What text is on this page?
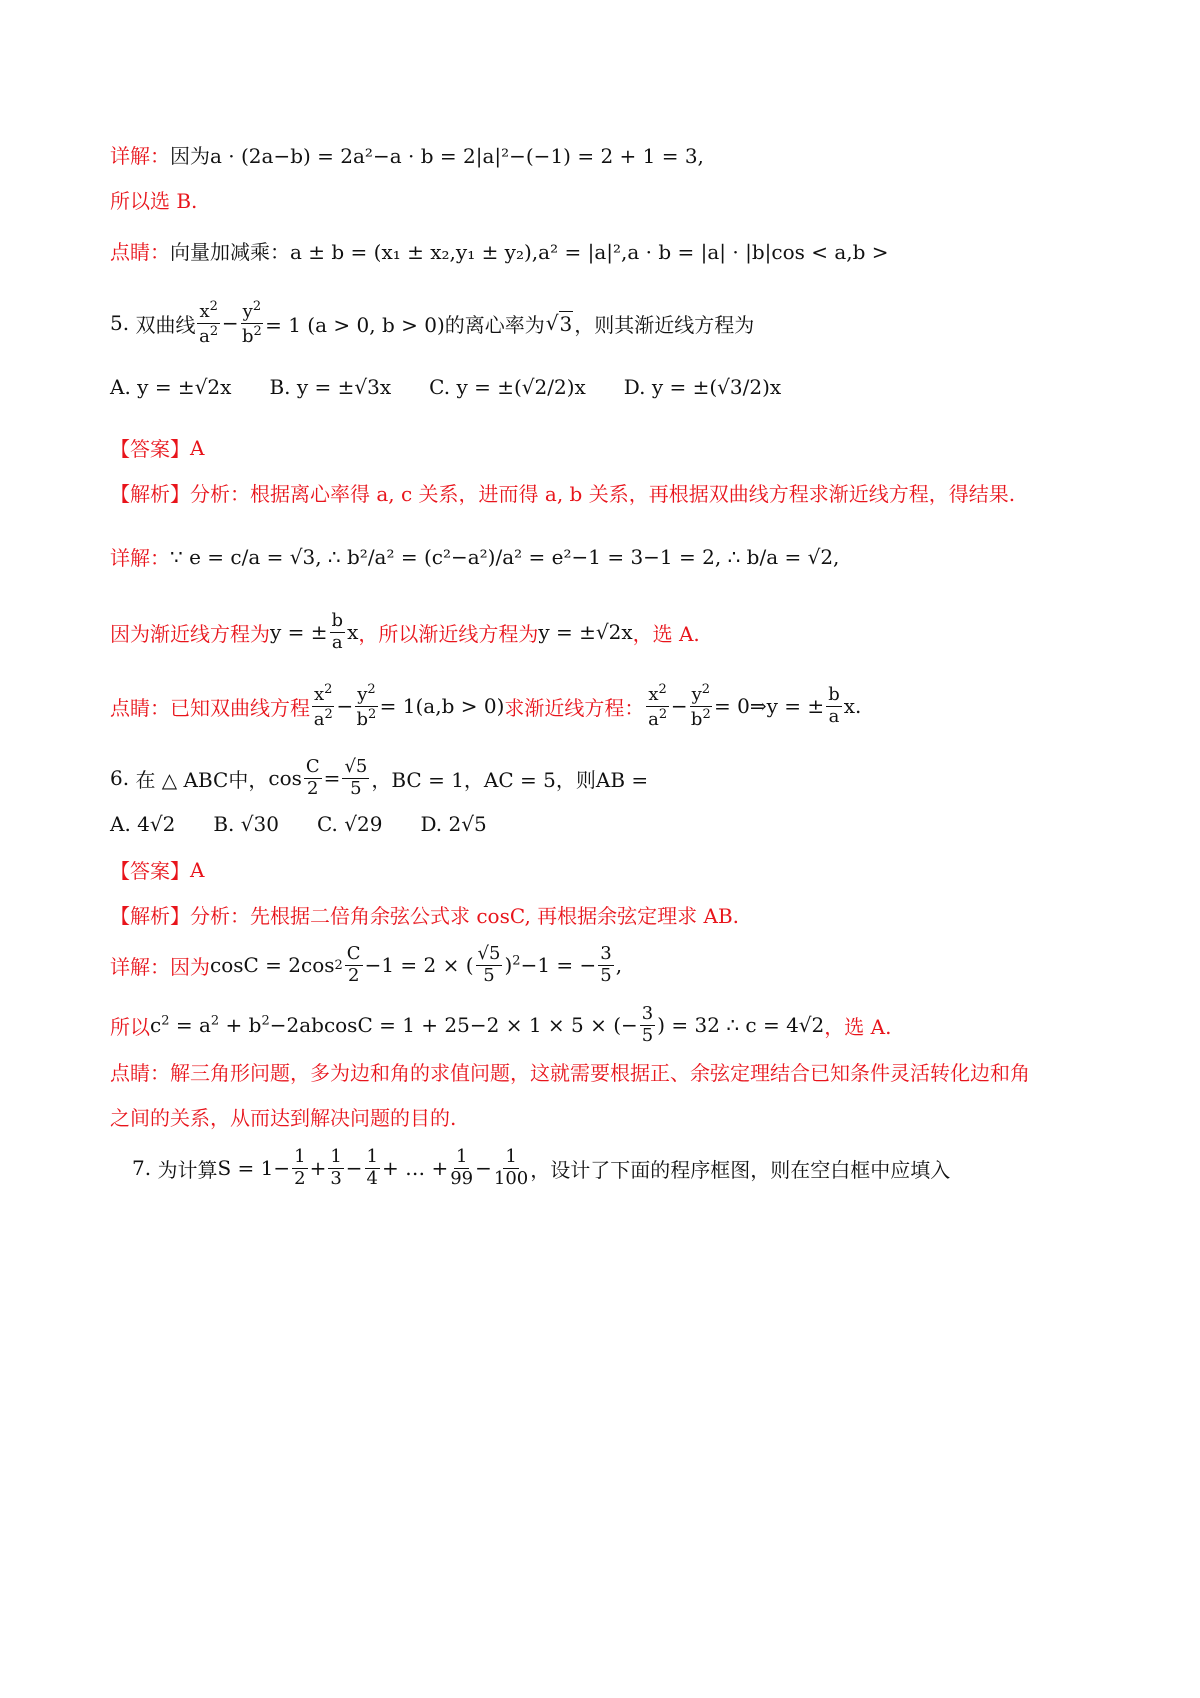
详解： 因为a · (2a−b) = 2a²−a · b = 2|a|²−(−1) = 2 + 1 = 3,
所以选 B.
点睛： 向量加减乘：a ± b = (x₁ ± x₂,y₁ ± y₂),a² = |a|²,a · b = |a| · |b|cos < a,b >
5.
双曲线 $\frac{x^2}{a^2} - \frac{y^2}{b^2} = 1$ (a > 0, b > 0)的离心率为 √ 3 ，则其渐近线方程为
A. y = ±√2x B. y = ±√3x C. y = ±(√2/2)x D. y = ±(√3/2)x
【答案】 A
【解析】 分析：根据离心率得 a, c 关系，进而得 a, b 关系，再根据双曲线方程求渐近线方程，得结果.
详解： ∵ e = c/a = √3, ∴ b²/a² = (c²−a²)/a² = e²−1 = 3−1 = 2, ∴ b/a = √2,
因为渐近线方程为 y = ± $\frac{b}{a}$ x ，所以渐近线方程为 y = ±√2x ，选 A.
点睛：已知双曲线方程 $\frac{x^2}{a^2} - \frac{y^2}{b^2} = 1(a,b > 0)$ 求渐近线方程： $\frac{x^2}{a^2} - \frac{y^2}{b^2}$ = 0⇒y = ± $\frac{b}{a} x$.
6.
在 △ ABC中， $\cos \frac{C}{2} = \frac{√5}{5}$ ，BC = 1，AC = 5，则AB =
A. 4√2 B. √30 C. √29 D. 2√5
【答案】 A
【解析】 分析：先根据二倍角余弦公式求 cosC, 再根据余弦定理求 AB.
详解： 因为 cosC = 2cos $2 \frac{C}{2} -1 = 2$ × ( $\frac{√5}{5} )^2-1$ = − $\frac{3}{5}$ ,
所以 $c^2 = a^2 + b^2-2abcosC = 1 + 25-2 \times 1 \times 5$ × (− $\frac{3}{5}$ ) = 32 ∴ c = 4√2 ，选 A.
点睛：解三角形问题，多为边和角的求值问题，这就需要根据正、余弦定理结合已知条件灵活转化边和角
之间的关系，从而达到解决问题的目的.
7.
为计算 $S = 1- \frac{1}{2} + \frac{1}{3} - \frac{1}{4}$ + … + $\frac{1}{99} - \frac{1}{100}$ ，设计了下面的程序框图，则在空白框中应填入
